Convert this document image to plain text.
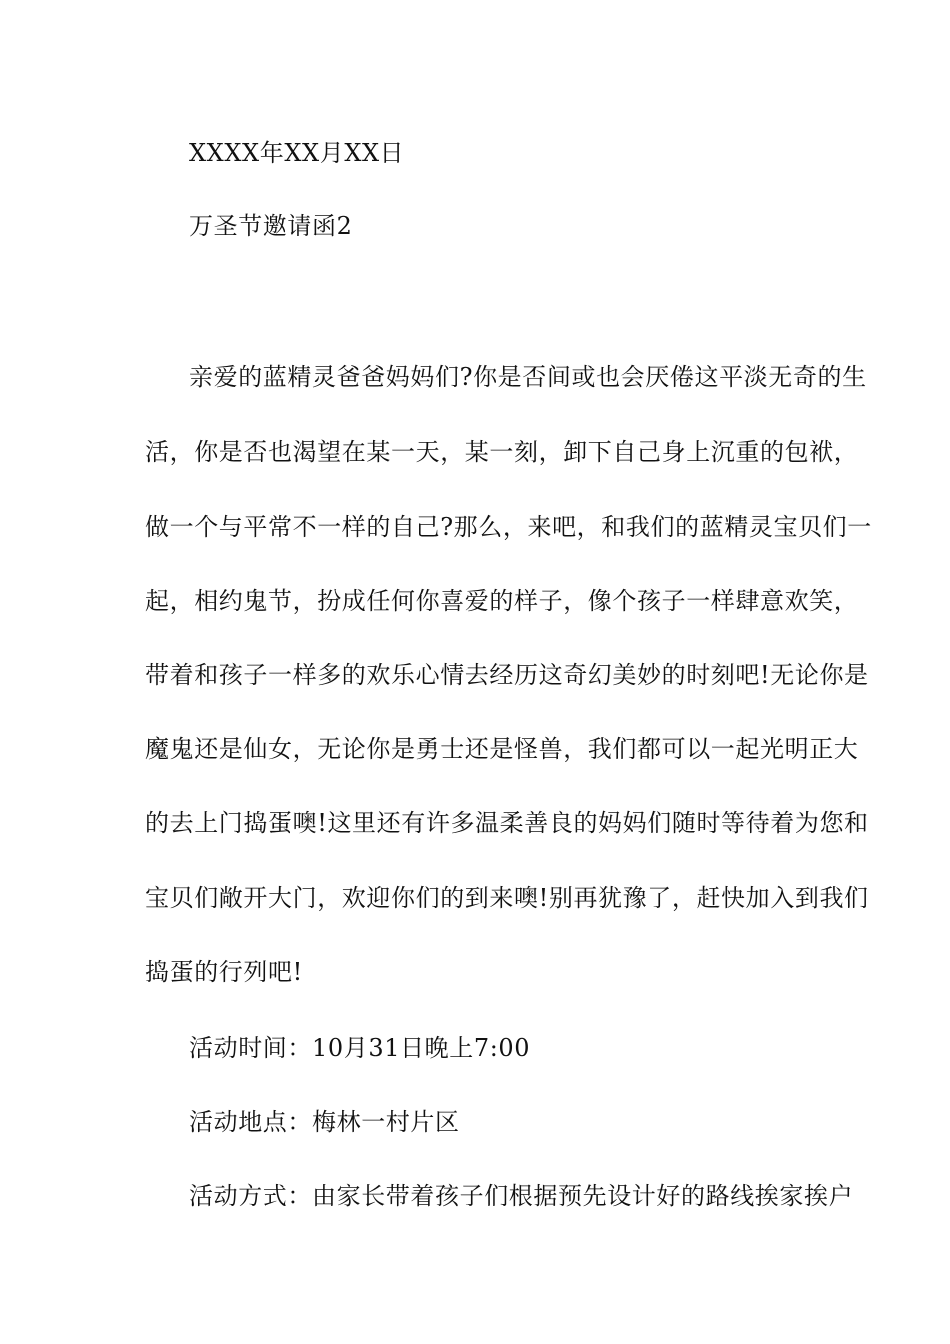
XXXX年XX月XX日
万圣节邀请函2
亲爱的蓝精灵爸爸妈妈们?你是否间或也会厌倦这平淡无奇的生
活，你是否也渴望在某一天，某一刻，卸下自己身上沉重的包袱，
做一个与平常不一样的自己?那么，来吧，和我们的蓝精灵宝贝们一
起，相约鬼节，扮成任何你喜爱的样子，像个孩子一样肆意欢笑，
带着和孩子一样多的欢乐心情去经历这奇幻美妙的时刻吧!无论你是
魔鬼还是仙女，无论你是勇士还是怪兽，我们都可以一起光明正大
的去上门捣蛋噢!这里还有许多温柔善良的妈妈们随时等待着为您和
宝贝们敞开大门，欢迎你们的到来噢!别再犹豫了，赶快加入到我们
捣蛋的行列吧!
活动时间：10月31日晚上7:00
活动地点：梅林一村片区
活动方式：由家长带着孩子们根据预先设计好的路线挨家挨户
